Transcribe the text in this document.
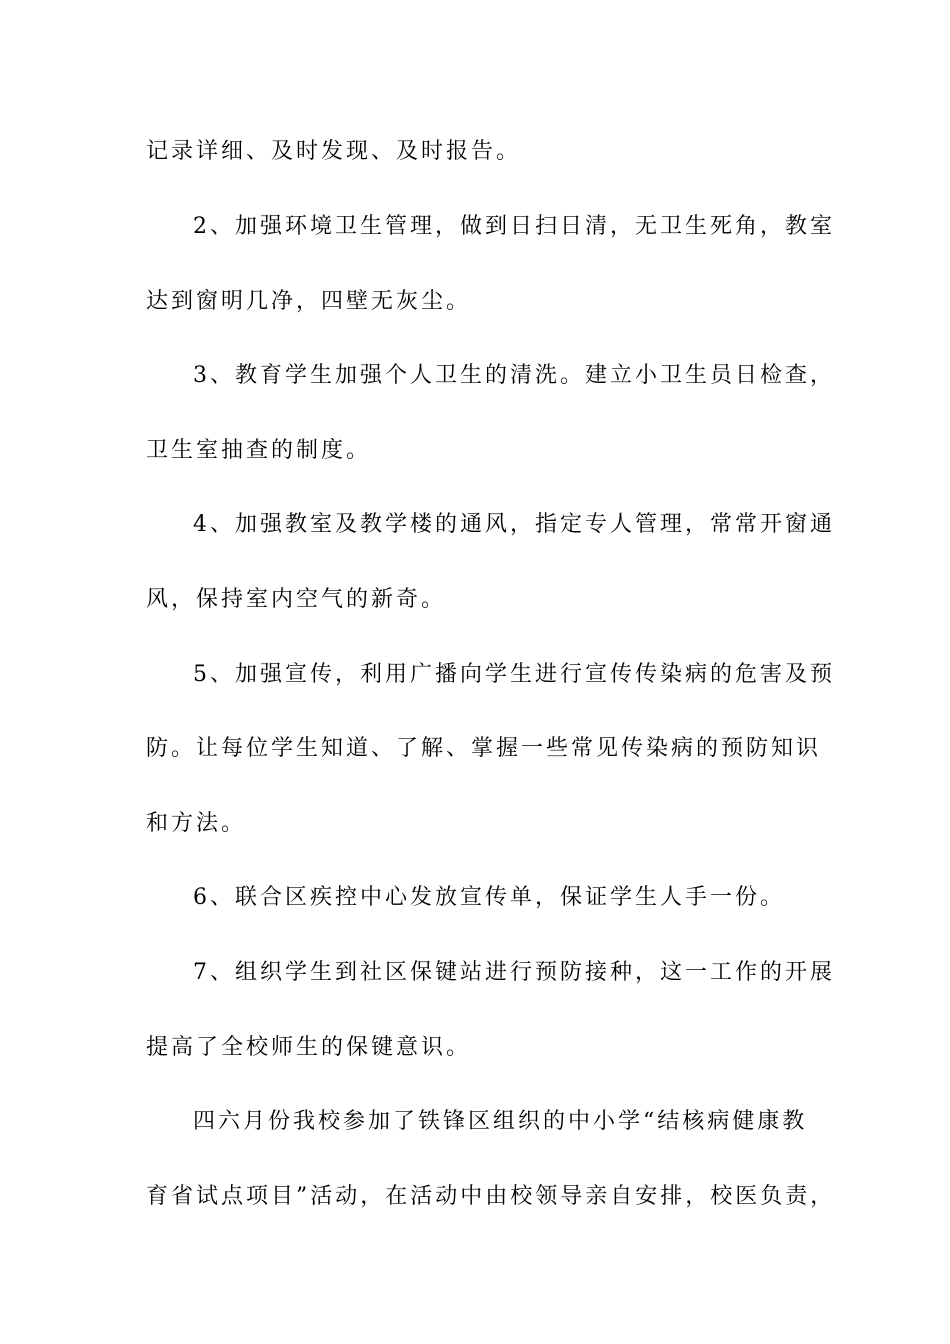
记录详细、及时发现、及时报告。
2、加强环境卫生管理，做到日扫日清，无卫生死角，教室
达到窗明几净，四壁无灰尘。
3、教育学生加强个人卫生的清洗。建立小卫生员日检查，
卫生室抽查的制度。
4、加强教室及教学楼的通风，指定专人管理，常常开窗通
风，保持室内空气的新奇。
5、加强宣传，利用广播向学生进行宣传传染病的危害及预
防。让每位学生知道、了解、掌握一些常见传染病的预防知识
和方法。
6、联合区疾控中心发放宣传单，保证学生人手一份。
7、组织学生到社区保键站进行预防接种，这一工作的开展
提高了全校师生的保键意识。
四六月份我校参加了铁锋区组织的中小学“结核病健康教
育省试点项目”活动，在活动中由校领导亲自安排，校医负责，
